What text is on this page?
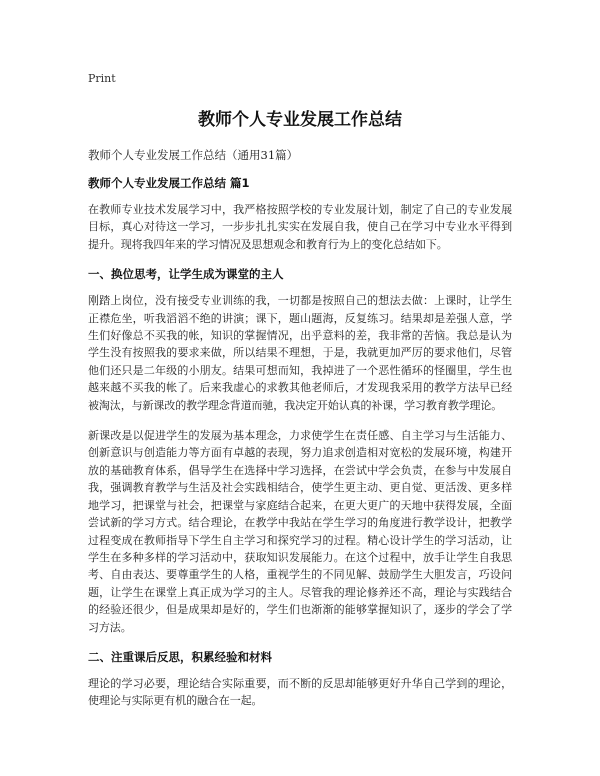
Print
教师个人专业发展工作总结

教师个人专业发展工作总结（通用31篇）

教师个人专业发展工作总结 篇1

在教师专业技术发展学习中，我严格按照学校的专业发展计划，制定了自己的专业发展目标，真心对待这一学习，一步步扎扎实实在发展自我，使自己在学习中专业水平得到提升。现将我四年来的学习情况及思想观念和教育行为上的变化总结如下。

一、换位思考，让学生成为课堂的主人

刚踏上岗位，没有接受专业训练的我，一切都是按照自己的想法去做：上课时，让学生正襟危坐，听我滔滔不绝的讲演；课下，题山题海，反复练习。结果却是差强人意，学生们好像总不买我的帐，知识的掌握情况，出乎意料的差，我非常的苦恼。我总是认为学生没有按照我的要求来做，所以结果不理想，于是，我就更加严厉的要求他们，尽管他们还只是二年级的小朋友。结果可想而知，我掉进了一个恶性循环的怪圈里，学生也越来越不买我的帐了。后来我虚心的求教其他老师后，才发现我采用的教学方法早已经被淘汰，与新课改的教学理念背道而驰，我决定开始认真的补课，学习教育教学理论。

新课改是以促进学生的发展为基本理念，力求使学生在责任感、自主学习与生活能力、创新意识与创造能力等方面有卓越的表现，努力追求创造相对宽松的发展环境，构建开放的基础教育体系，倡导学生在选择中学习选择，在尝试中学会负责，在参与中发展自我，强调教育教学与生活及社会实践相结合，使学生更主动、更自觉、更活泼、更多样地学习，把课堂与社会，把课堂与家庭结合起来，在更大更广的天地中获得发展，全面尝试新的学习方式。结合理论，在教学中我站在学生学习的角度进行教学设计，把教学过程变成在教师指导下学生自主学习和探究学习的过程。精心设计学生的学习活动，让学生在多种多样的学习活动中，获取知识发展能力。在这个过程中，放手让学生自我思考、自由表达、要尊重学生的人格，重视学生的不同见解、鼓励学生大胆发言，巧设问题，让学生在课堂上真正成为学习的主人。尽管我的理论修养还不高，理论与实践结合的经验还很少，但是成果却是好的，学生们也渐渐的能够掌握知识了，逐步的学会了学习方法。

二、注重课后反思，积累经验和材料

理论的学习必要，理论结合实际重要，而不断的反思却能够更好升华自己学到的理论，使理论与实际更有机的融合在一起。
